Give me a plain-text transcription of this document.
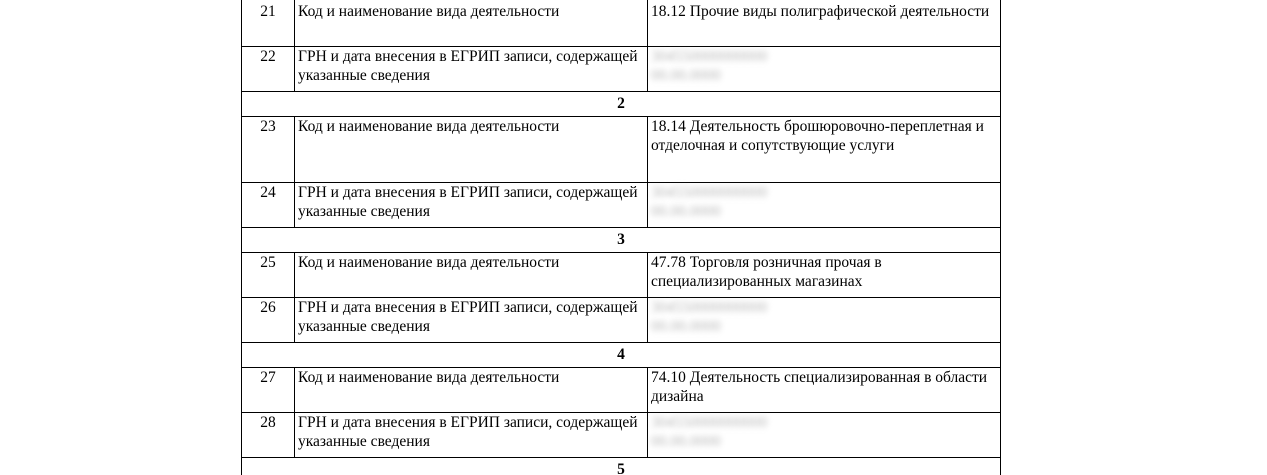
21	Код и наименование вида деятельности	18.12 Прочие виды полиграфической деятельности
22	ГРН и дата внесения в ЕГРИП записи, содержащей указанные сведения	304550000000000
00.00.0000

2		
23	Код и наименование вида деятельности	18.14 Деятельность брошюровочно-переплетная и отделочная и сопутствующие услуги
24	ГРН и дата внесения в ЕГРИП записи, содержащей указанные сведения	304550000000000
00.00.0000

3		
25	Код и наименование вида деятельности	47.78 Торговля розничная прочая в специализированных магазинах
26	ГРН и дата внесения в ЕГРИП записи, содержащей указанные сведения	304550000000000
00.00.0000

4		
27	Код и наименование вида деятельности	74.10 Деятельность специализированная в области дизайна
28	ГРН и дата внесения в ЕГРИП записи, содержащей указанные сведения	304550000000000
00.00.0000

5		
